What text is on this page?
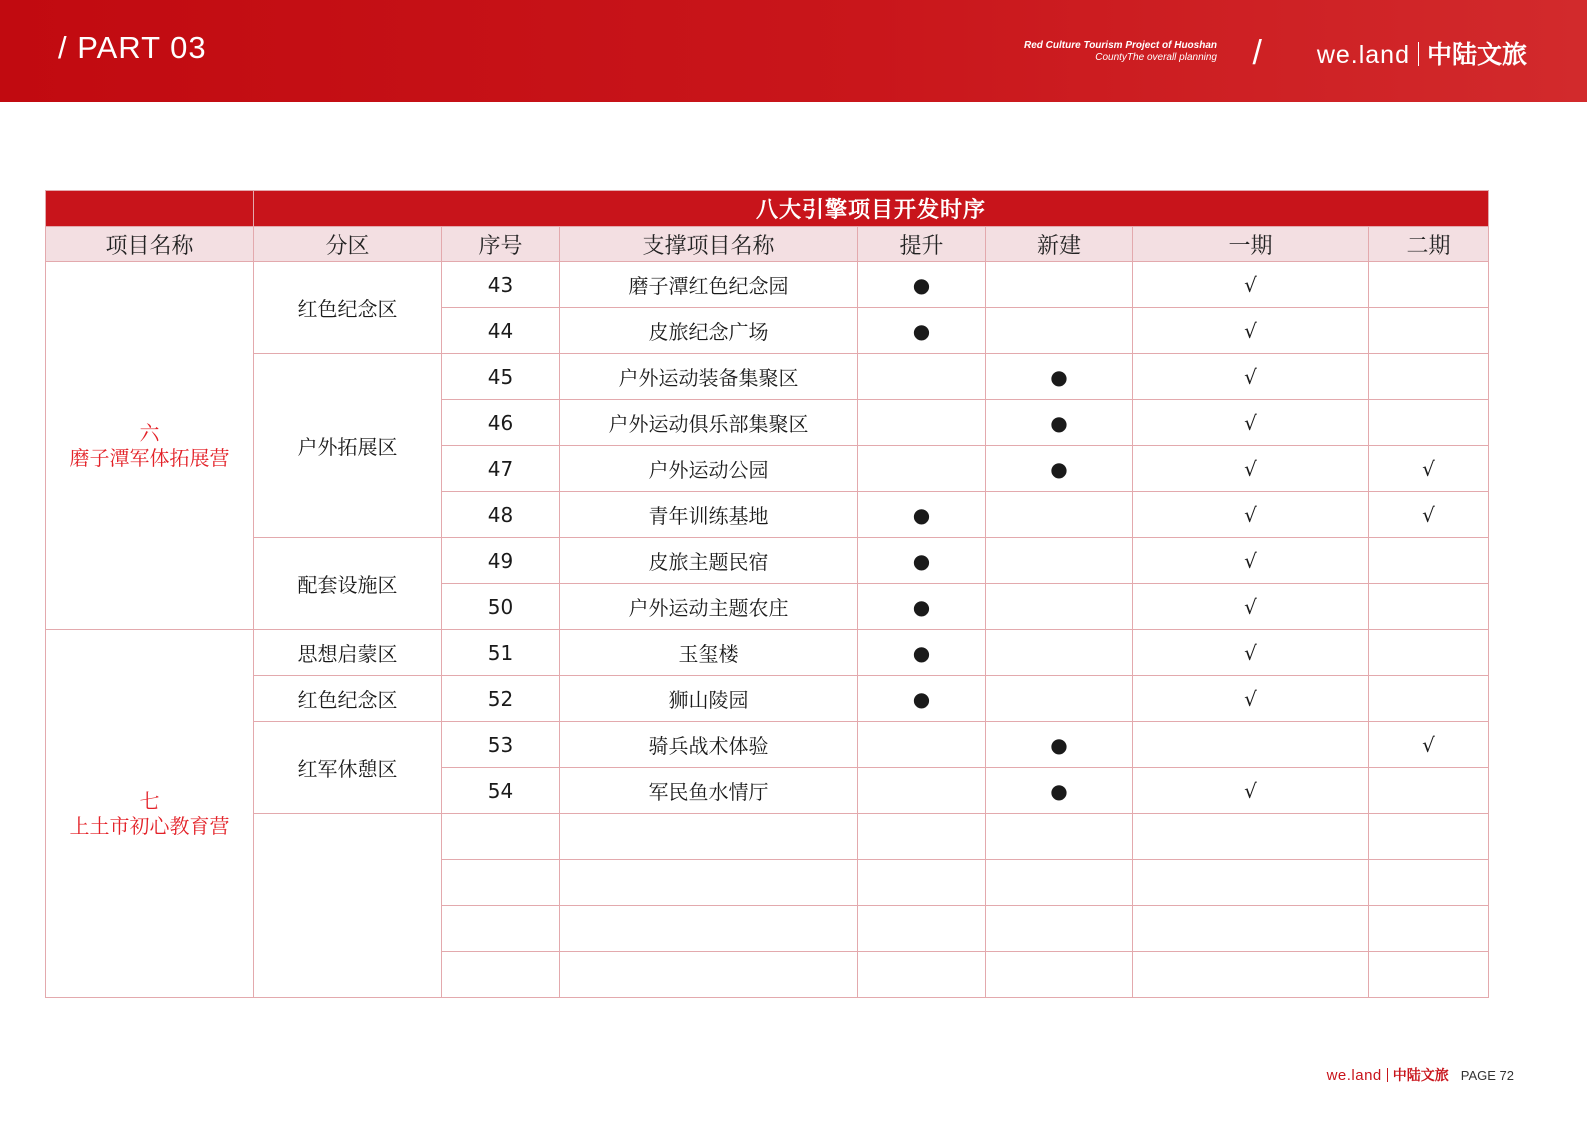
/ PART 03	Red Culture Tourism Project of Huoshan
CountyThe overall planning / we.land 中陆文旅
	八大引擎项目开发时序						
项目名称	分区	序号	支撑项目名称	提升	新建	一期	二期

六
磨子潭军体拓展营	红色纪念区	43	磨子潭红色纪念园	●		√	
		44	皮旅纪念广场	●		√	
	户外拓展区	45	户外运动装备集聚区		●	√	
		46	户外运动俱乐部集聚区		●	√	
		47	户外运动公园		●	√	√
		48	青年训练基地	●		√	√
	配套设施区	49	皮旅主题民宿	●		√	
		50	户外运动主题农庄	●		√	

七
上土市初心教育营	思想启蒙区	51	玉玺楼	●		√	
	红色纪念区	52	狮山陵园	●		√	
	红军休憩区	53	骑兵战术体验		●		√
		54	军民鱼水情厅		●	√	

we.land 中陆文旅 PAGE 72
